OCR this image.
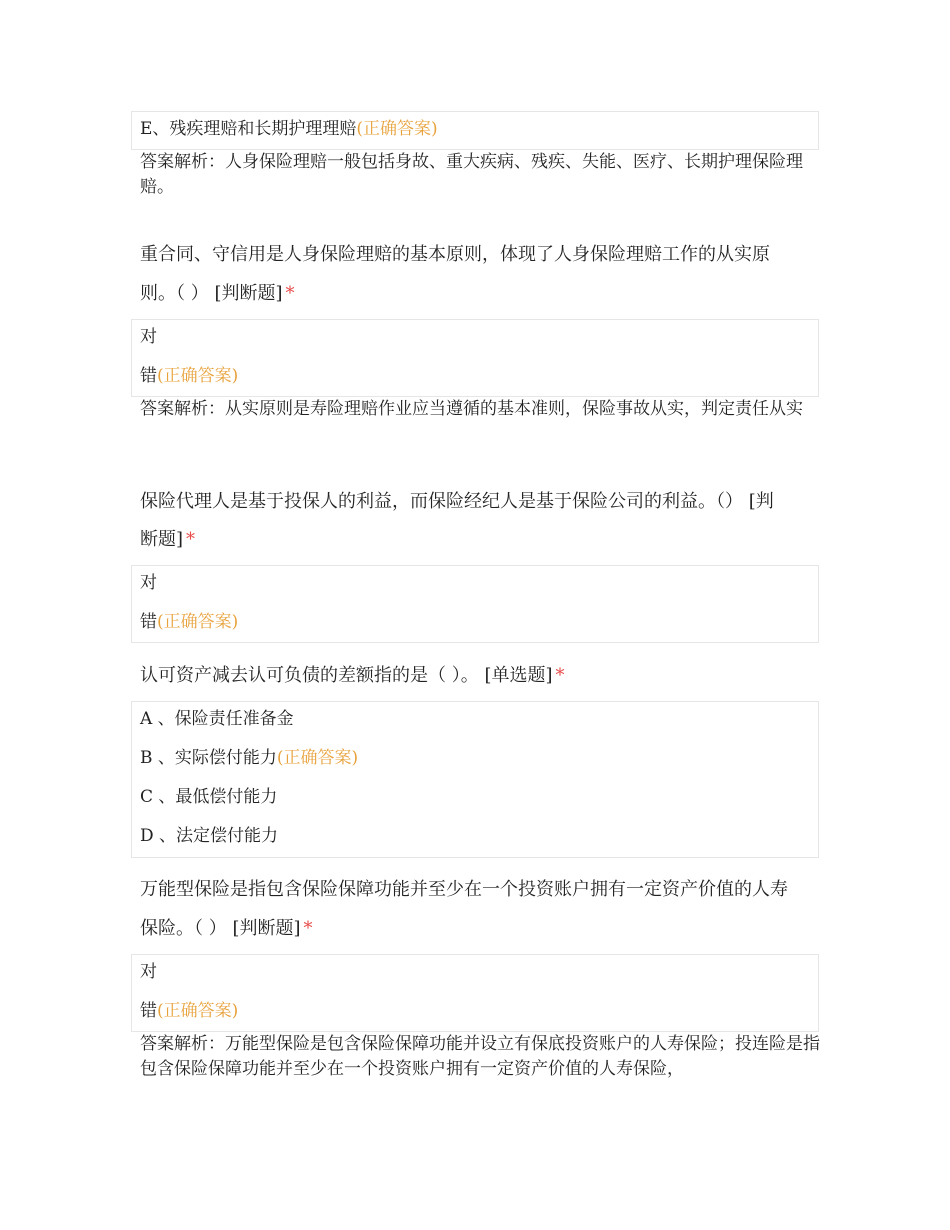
E、残疾理赔和长期护理理赔(正确答案)
答案解析：人身保险理赔一般包括身故、重大疾病、残疾、失能、医疗、长期护理保险理赔。
重合同、守信用是人身保险理赔的基本原则，体现了人身保险理赔工作的从实原
则。（ ） [判断题] *
对
错(正确答案)
答案解析：从实原则是寿险理赔作业应当遵循的基本准则，保险事故从实，判定责任从实
保险代理人是基于投保人的利益，而保险经纪人是基于保险公司的利益。（） [判
断题] *
对
错(正确答案)
认可资产减去认可负债的差额指的是（ ）。 [单选题] *
A 、保险责任准备金
B 、实际偿付能力(正确答案)
C 、最低偿付能力
D 、法定偿付能力
万能型保险是指包含保险保障功能并至少在一个投资账户拥有一定资产价值的人寿
保险。（ ） [判断题] *
对
错(正确答案)
答案解析：万能型保险是包含保险保障功能并设立有保底投资账户的人寿保险；投连险是指包含保险保障功能并至少在一个投资账户拥有一定资产价值的人寿保险，
